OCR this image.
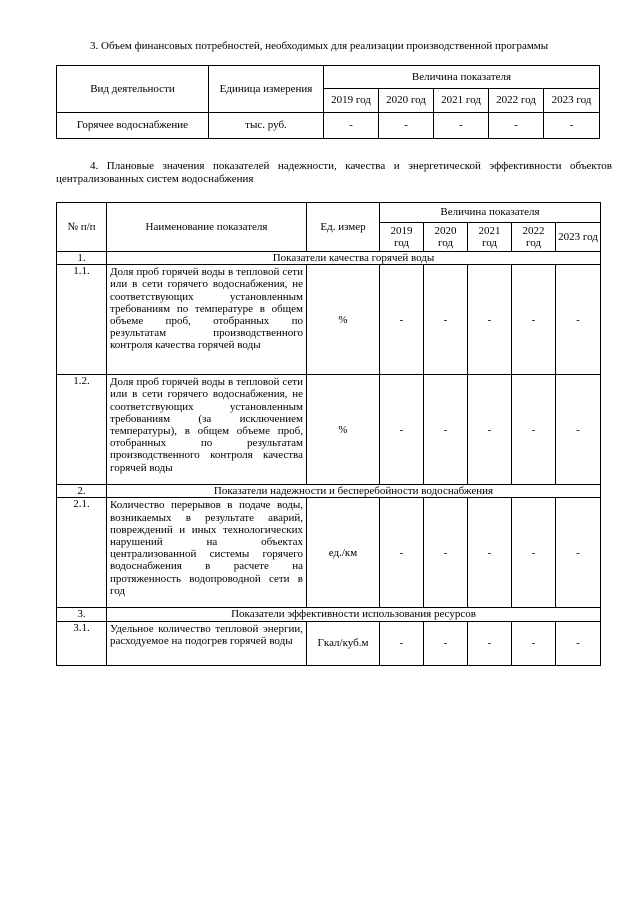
3. Объем финансовых потребностей, необходимых для реализации производственной программы
Вид деятельности	Единица измерения	Величина показателя				
		2019 год	2020 год	2021 год	2022 год	2023 год
Горячее водоснабжение	тыс. руб.	-	-	-	-	-
4. Плановые значения показателей надежности, качества и энергетической эффективности объектов централизованных систем водоснабжения
№ п/п	Наименование показателя	Ед. измер	Величина показателя				
			2019 год	2020 год	2021 год	2022 год	2023 год
1.	Показатели качества горячей воды						
1.1.	Доля проб горячей воды в тепловой сети или в сети горячего водоснабжения, не соответствующих установленным требованиям по температуре в общем объеме проб, отобранных по результатам производственного контроля качества горячей воды	%	-	-	-	-	-
1.2.	Доля проб горячей воды в тепловой сети или в сети горячего водоснабжения, не соответствующих установленным требованиям (за исключением температуры), в общем объеме проб, отобранных по результатам производственного контроля качества горячей воды	%	-	-	-	-	-
2.	Показатели надежности и бесперебойности водоснабжения						
2.1.	Количество перерывов в подаче воды, возникаемых в результате аварий, повреждений и иных технологических нарушений на объектах централизованной системы горячего водоснабжения в расчете на протяженность водопроводной сети в год	ед./км	-	-	-	-	-
3.	Показатели эффективности использования ресурсов						
3.1.	Удельное количество тепловой энергии, расходуемое на подогрев горячей воды	Гкал/куб.м	-	-	-	-	-
